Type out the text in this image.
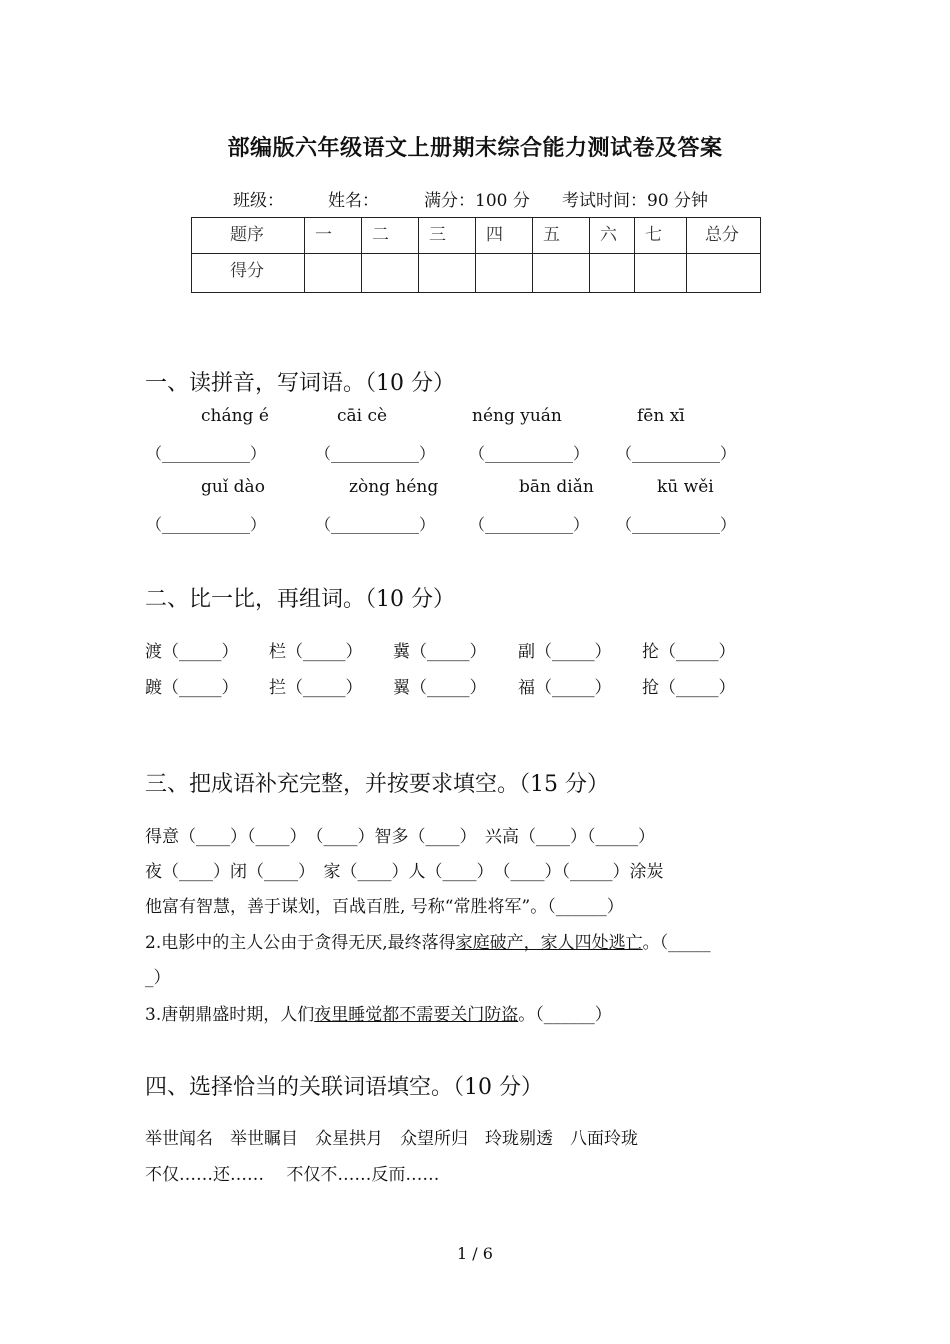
部编版六年级语文上册期末综合能力测试卷及答案
班级：	姓名：	满分：100 分 考试时间：90 分钟
题序	一	二	三	四	五	六	七	总分
得分								
一、读拼音，写词语。（10 分）
cháng é	cāi cè	néng yuán	fēn xī
（___________）	（___________） （___________） （___________）
guǐ dào	zòng héng	bān diǎn	kū wěi
（___________）	（___________） （___________） （___________）
二、比一比，再组词。（10 分）
渡（_____） 栏（_____） 冀（_____） 副（_____） 抡（_____）
踱（_____） 拦（_____） 翼（_____） 福（_____） 抢（_____）
三、把成语补充完整，并按要求填空。（15 分）
得意（____）（____）　（____）智多（____）　兴高（____）（_____）
夜（____）闭（____）　家（____）人（____）　（____）（_____）涂炭
他富有智慧，善于谋划，百战百胜, 号称“常胜将军”。（______）
2.电影中的主人公由于贪得无厌,最终落得家庭破产，家人四处逃亡。（_____
_）
3.唐朝鼎盛时期，人们夜里睡觉都不需要关门防盗。（______）
四、选择恰当的关联词语填空。（10 分）
举世闻名　举世瞩目　众星拱月　众望所归　玲珑剔透　八面玲珑
不仅……还……　 不仅不……反而……
1 / 6
